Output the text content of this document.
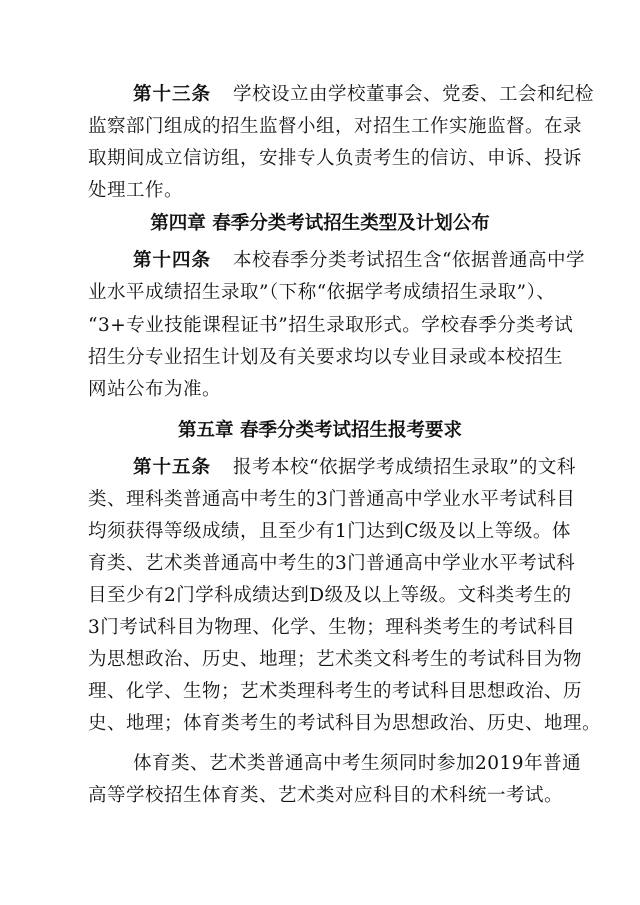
第十三条 学校设立由学校董事会、党委、工会和纪检
监察部门组成的招生监督小组，对招生工作实施监督。在录
取期间成立信访组，安排专人负责考生的信访、申诉、投诉
处理工作。
第四章 春季分类考试招生类型及计划公布
第十四条 本校春季分类考试招生含“依据普通高中学
业水平成绩招生录取”（下称“依据学考成绩招生录取”）、
“3+专业技能课程证书”招生录取形式。学校春季分类考试
招生分专业招生计划及有关要求均以专业目录或本校招生
网站公布为准。
第五章 春季分类考试招生报考要求
第十五条 报考本校“依据学考成绩招生录取”的文科
类、理科类普通高中考生的3门普通高中学业水平考试科目
均须获得等级成绩，且至少有1门达到C级及以上等级。体
育类、艺术类普通高中考生的3门普通高中学业水平考试科
目至少有2门学科成绩达到D级及以上等级。文科类考生的
3门考试科目为物理、化学、生物；理科类考生的考试科目
为思想政治、历史、地理；艺术类文科考生的考试科目为物
理、化学、生物；艺术类理科考生的考试科目思想政治、历
史、地理；体育类考生的考试科目为思想政治、历史、地理。
体育类、艺术类普通高中考生须同时参加2019年普通
高等学校招生体育类、艺术类对应科目的术科统一考试。
